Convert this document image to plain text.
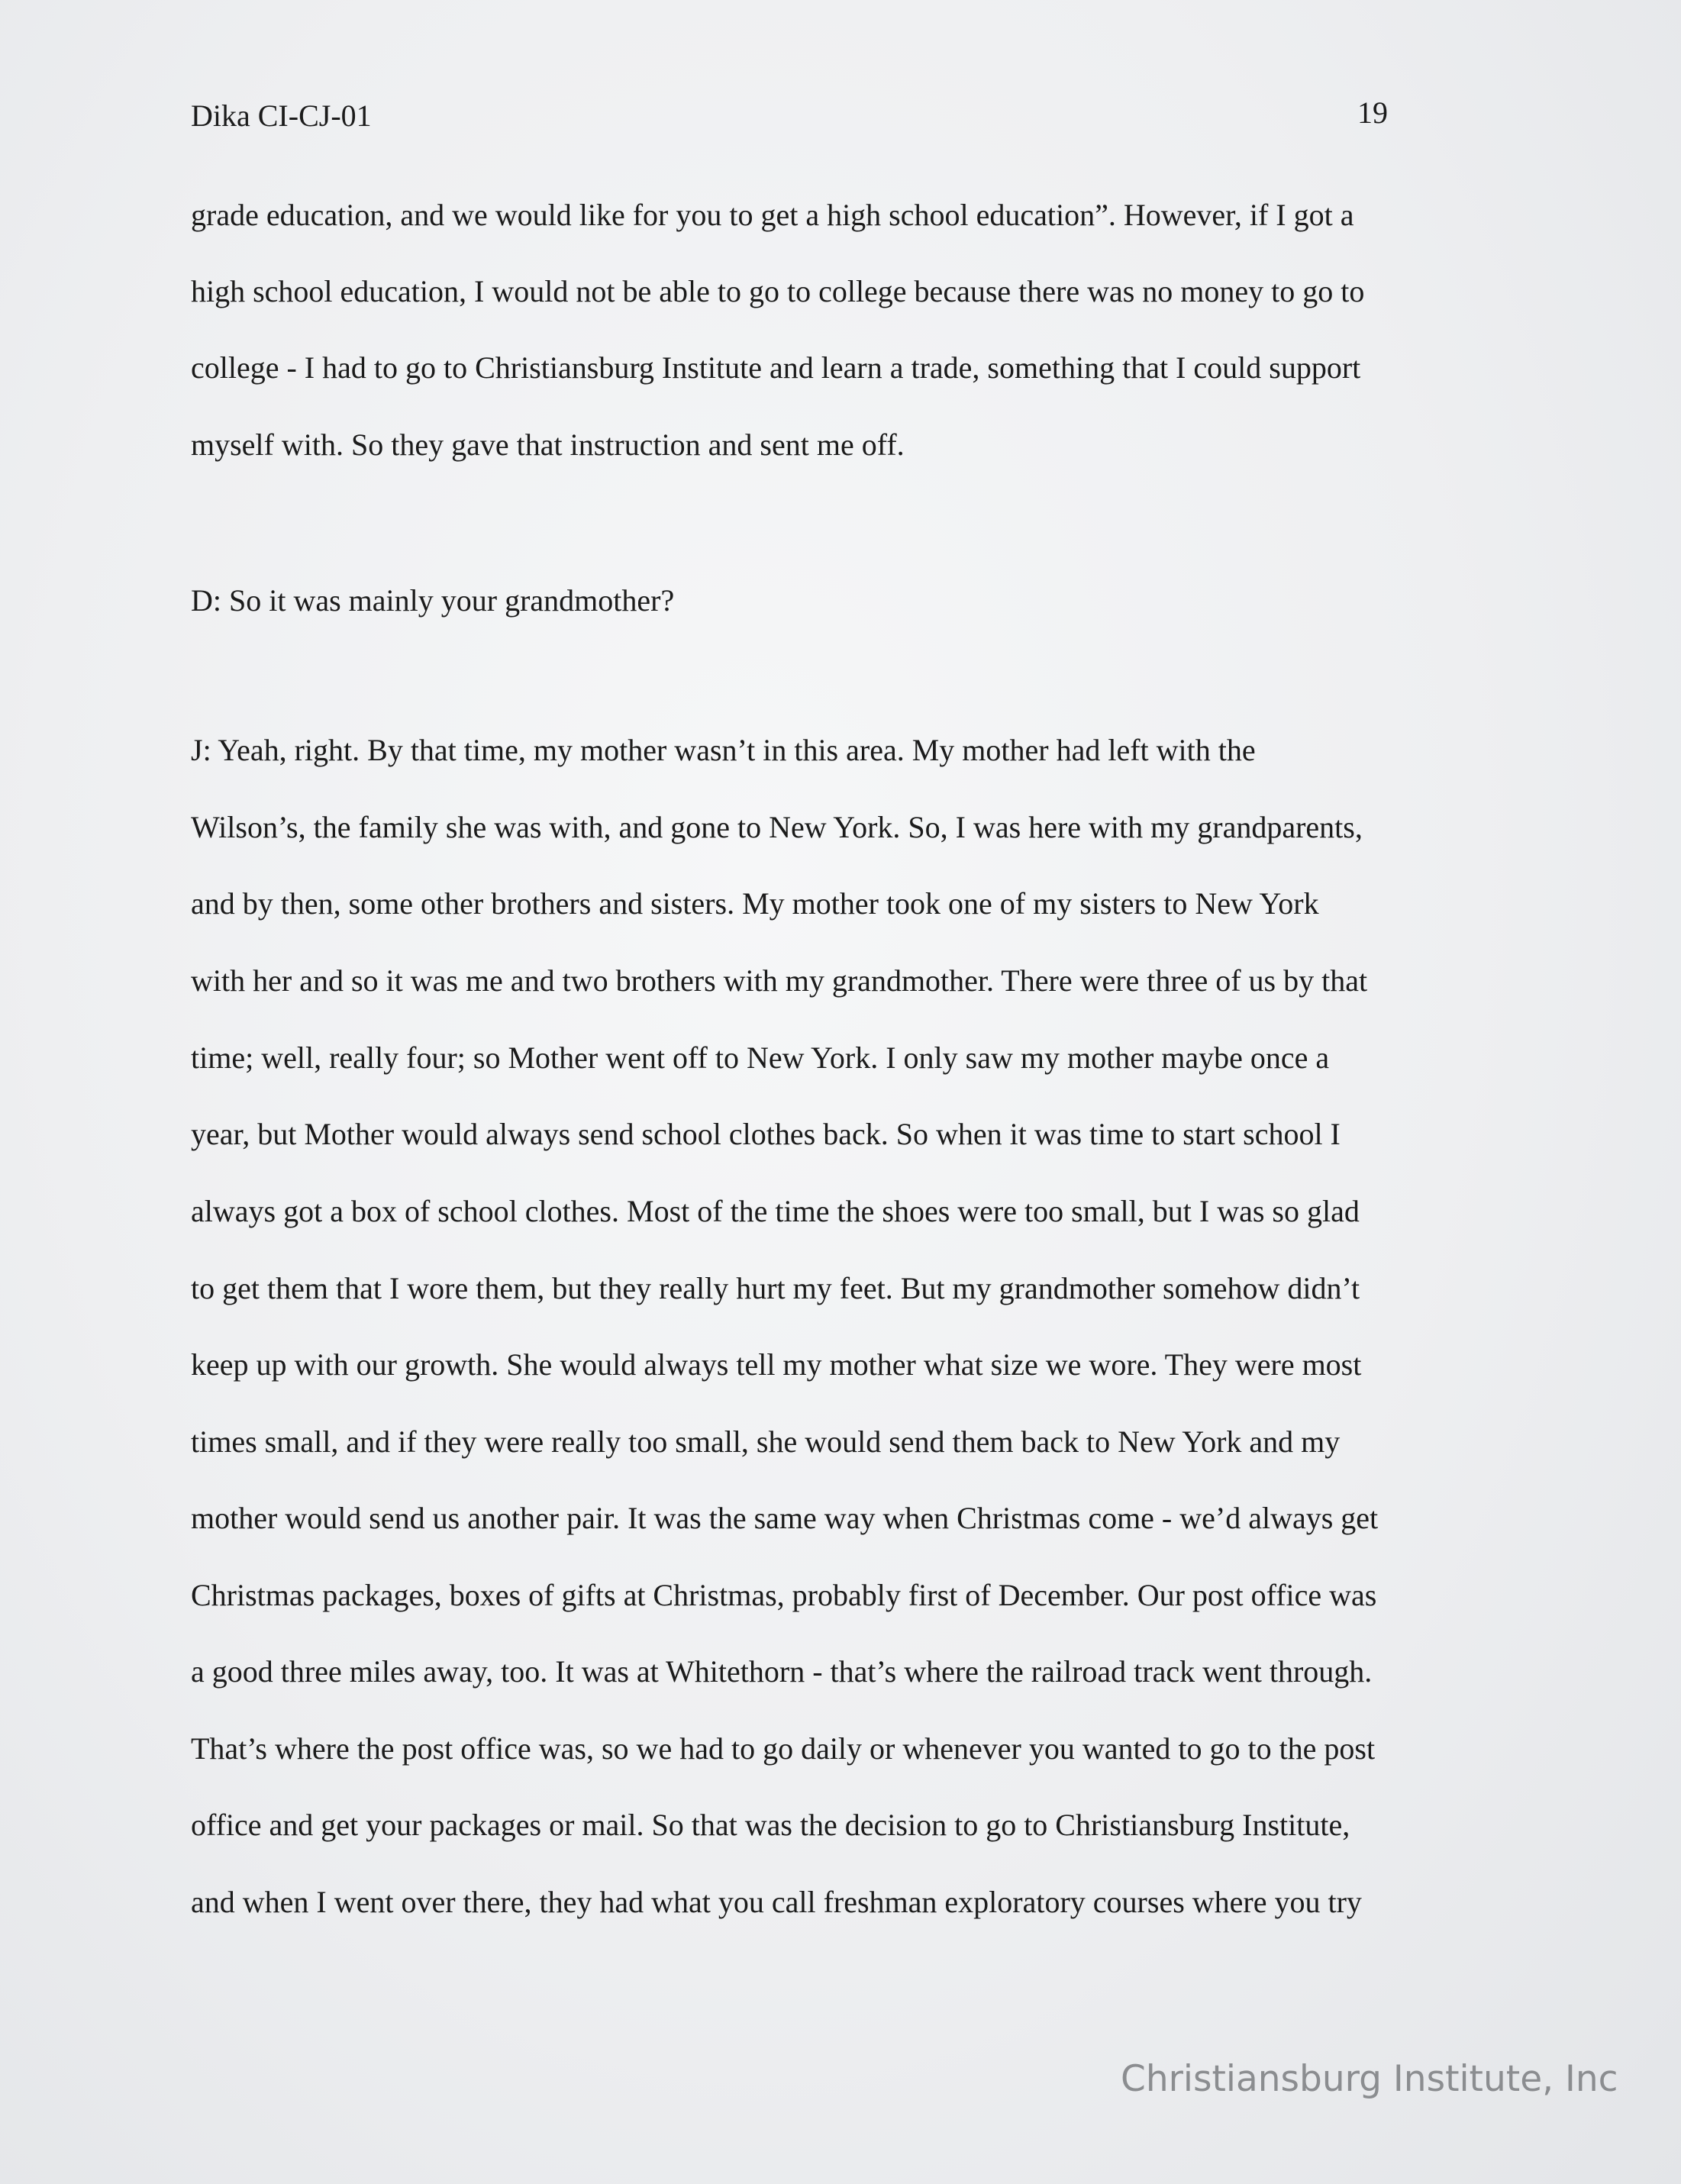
Dika CI-CJ-01	19
grade education, and we would like for you to get a high school education”. However, if I got a
high school education, I would not be able to go to college because there was no money to go to
college - I had to go to Christiansburg Institute and learn a trade, something that I could support
myself with. So they gave that instruction and sent me off.
D: So it was mainly your grandmother?
J: Yeah, right. By that time, my mother wasn’t in this area. My mother had left with the
Wilson’s, the family she was with, and gone to New York. So, I was here with my grandparents,
and by then, some other brothers and sisters. My mother took one of my sisters to New York
with her and so it was me and two brothers with my grandmother. There were three of us by that
time; well, really four; so Mother went off to New York. I only saw my mother maybe once a
year, but Mother would always send school clothes back. So when it was time to start school I
always got a box of school clothes. Most of the time the shoes were too small, but I was so glad
to get them that I wore them, but they really hurt my feet. But my grandmother somehow didn’t
keep up with our growth. She would always tell my mother what size we wore. They were most
times small, and if they were really too small, she would send them back to New York and my
mother would send us another pair. It was the same way when Christmas come - we’d always get
Christmas packages, boxes of gifts at Christmas, probably first of December. Our post office was
a good three miles away, too. It was at Whitethorn - that’s where the railroad track went through.
That’s where the post office was, so we had to go daily or whenever you wanted to go to the post
office and get your packages or mail. So that was the decision to go to Christiansburg Institute,
and when I went over there, they had what you call freshman exploratory courses where you try
Christiansburg Institute, Inc
